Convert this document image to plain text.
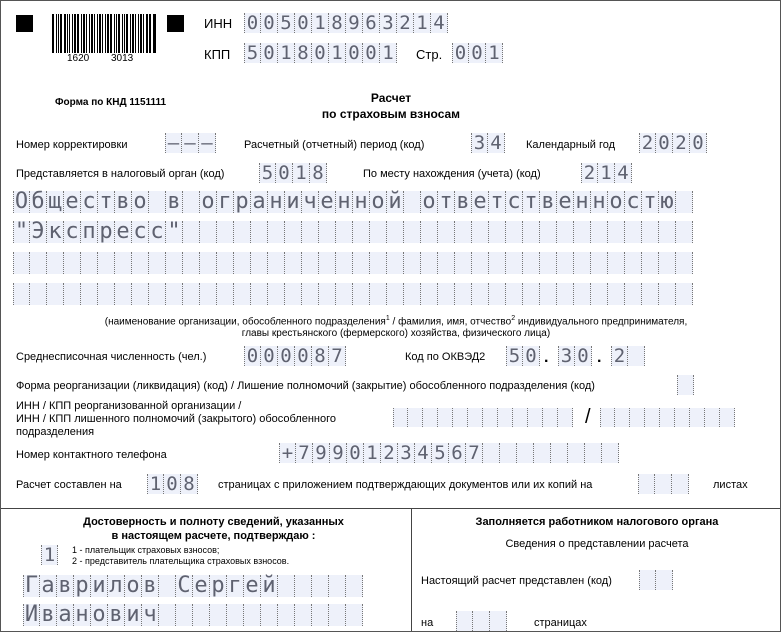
1620 3013
ИНН 0 0 5 0 1 8 9 6 3 2 1 4
КПП 5 0 1 8 0 1 0 0 1 Стр. 0 0 1
Форма по КНД 1151111	Расчет
по страховым взносам
Номер корректировки – – –	Расчетный (отчетный) период (код)	3 4 Календарный год 2 0 2 0
Представляется в налоговый орган (код) 5 0 1 8	По месту нахождения (учета) (код) 2 1 4
О б щ е с т в о в о г р а н и ч е н н о й о т в е т с т в е н н о с т ю
" Э к с п р е с с "
(наименование организации, обособленного подразделения$^1$ / фамилия, имя, отчество$^2$ индивидуального предпринимателя,
главы крестьянского (фермерского) хозяйства, физического лица)
Среднесписочная численность (чел.) 0 0 0 0 8 7	Код по ОКВЭД2 5 0 . 3 0 . 2
Форма реорганизации (ликвидация) (код) / Лишение полномочий (закрытие) обособленного подразделения (код)
ИНН / КПП реорганизованной организации /
ИНН / КПП лишенного полномочий (закрытого) обособленного
подразделения
/
Номер контактного телефона	+ 7 9 9 0 1 2 3 4 5 6 7
Расчет составлен на 1 0 8 страницах с приложением подтверждающих документов или их копий на	листах
Достоверность и полноту сведений, указанных
в настоящем расчете, подтверждаю :
1	1 - плательщик страховых взносов;
2 - представитель плательщика страховых взносов.
Г а в р и л о в С е р г е й
И в а н о в и ч
Заполняется работником налогового органа
Сведения о представлении расчета
Настоящий расчет представлен (код)
на	страницах
